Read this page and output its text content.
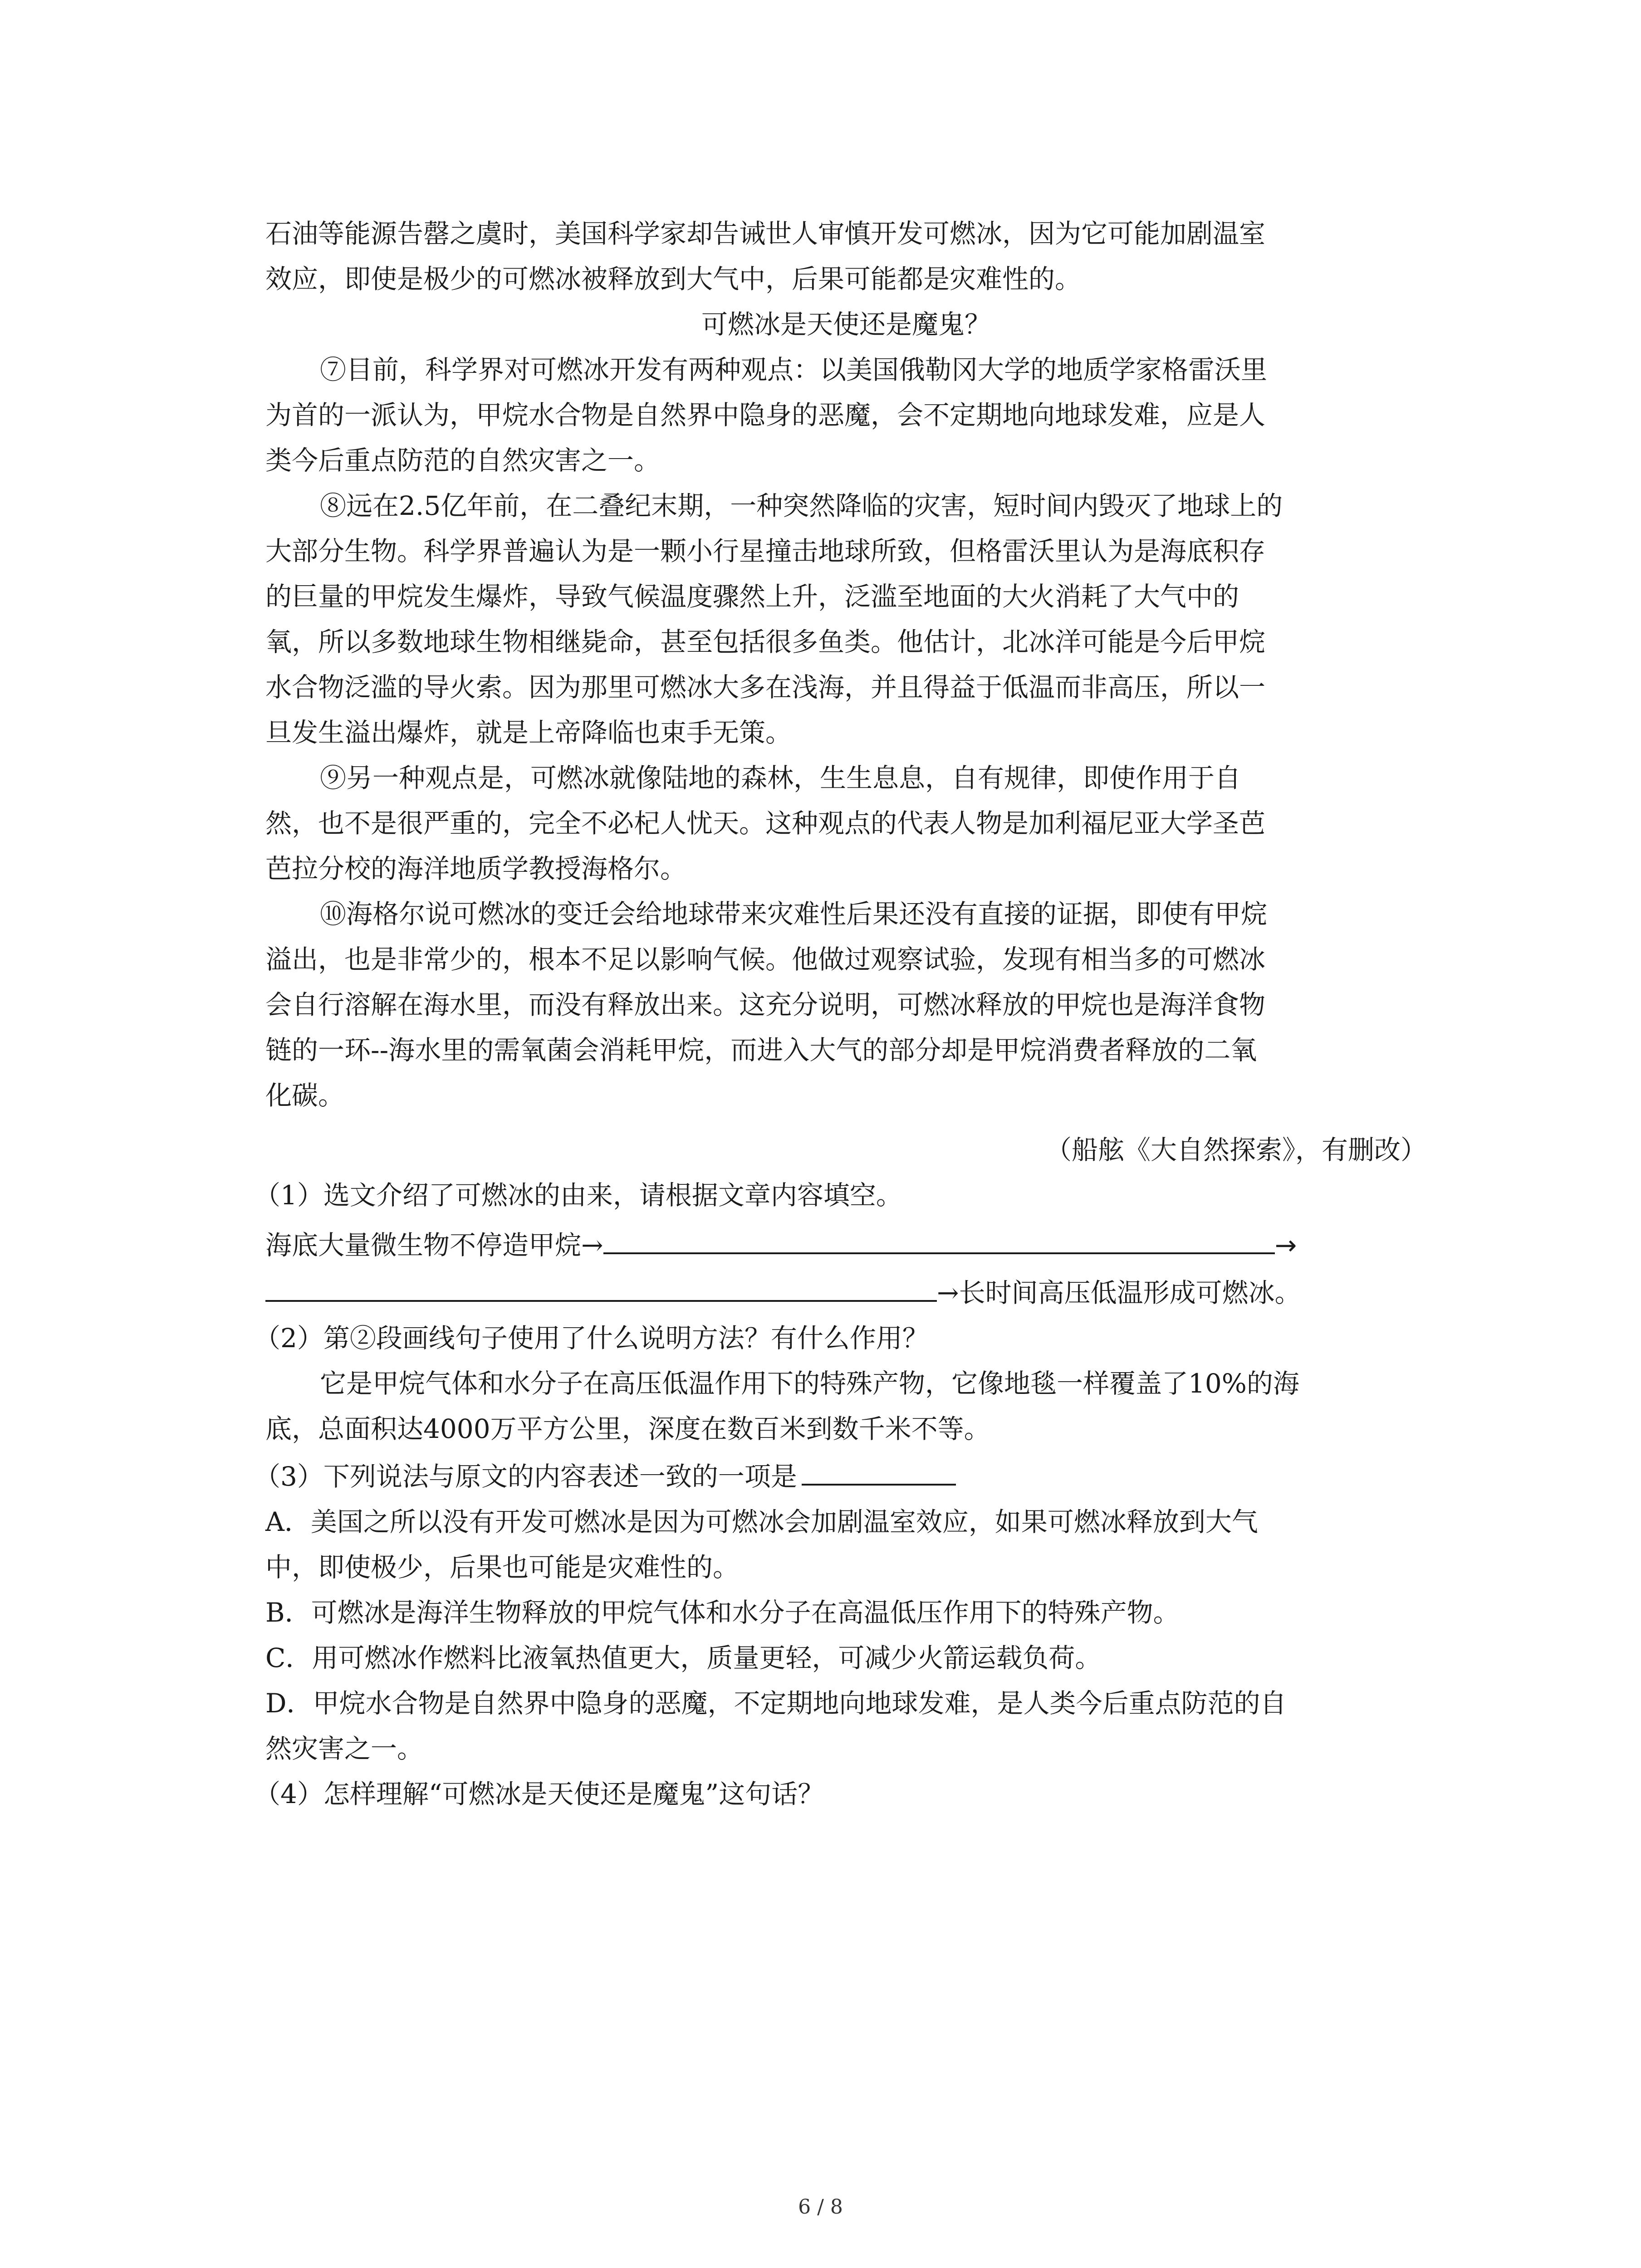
石油等能源告罄之虞时，美国科学家却告诫世人审慎开发可燃冰，因为它可能加剧温室
效应，即使是极少的可燃冰被释放到大气中，后果可能都是灾难性的。
可燃冰是天使还是魔鬼？
⑦目前，科学界对可燃冰开发有两种观点：以美国俄勒冈大学的地质学家格雷沃里
为首的一派认为，甲烷水合物是自然界中隐身的恶魔，会不定期地向地球发难，应是人
类今后重点防范的自然灾害之一。
⑧远在2.5亿年前，在二叠纪末期，一种突然降临的灾害，短时间内毁灭了地球上的
大部分生物。科学界普遍认为是一颗小行星撞击地球所致，但格雷沃里认为是海底积存
的巨量的甲烷发生爆炸，导致气候温度骤然上升，泛滥至地面的大火消耗了大气中的
氧，所以多数地球生物相继毙命，甚至包括很多鱼类。他估计，北冰洋可能是今后甲烷
水合物泛滥的导火索。因为那里可燃冰大多在浅海，并且得益于低温而非高压，所以一
旦发生溢出爆炸，就是上帝降临也束手无策。
⑨另一种观点是，可燃冰就像陆地的森林，生生息息，自有规律，即使作用于自
然，也不是很严重的，完全不必杞人忧天。这种观点的代表人物是加利福尼亚大学圣芭
芭拉分校的海洋地质学教授海格尔。
⑩海格尔说可燃冰的变迁会给地球带来灾难性后果还没有直接的证据，即使有甲烷
溢出，也是非常少的，根本不足以影响气候。他做过观察试验，发现有相当多的可燃冰
会自行溶解在海水里，而没有释放出来。这充分说明，可燃冰释放的甲烷也是海洋食物
链的一环--海水里的需氧菌会消耗甲烷，而进入大气的部分却是甲烷消费者释放的二氧
化碳。
（船舷《大自然探索》，有删改）
（1）选文介绍了可燃冰的由来，请根据文章内容填空。
海底大量微生物不停造甲烷→	→
→长时间高压低温形成可燃冰。
（2）第②段画线句子使用了什么说明方法？有什么作用？
它是甲烷气体和水分子在高压低温作用下的特殊产物，它像地毯一样覆盖了10%的海
底，总面积达4000万平方公里，深度在数百米到数千米不等。
（3）下列说法与原文的内容表述一致的一项是
A．美国之所以没有开发可燃冰是因为可燃冰会加剧温室效应，如果可燃冰释放到大气
中，即使极少，后果也可能是灾难性的。
B．可燃冰是海洋生物释放的甲烷气体和水分子在高温低压作用下的特殊产物。
C．用可燃冰作燃料比液氧热值更大，质量更轻，可减少火箭运载负荷。
D．甲烷水合物是自然界中隐身的恶魔，不定期地向地球发难，是人类今后重点防范的自
然灾害之一。
（4）怎样理解“可燃冰是天使还是魔鬼”这句话？
6 / 8
